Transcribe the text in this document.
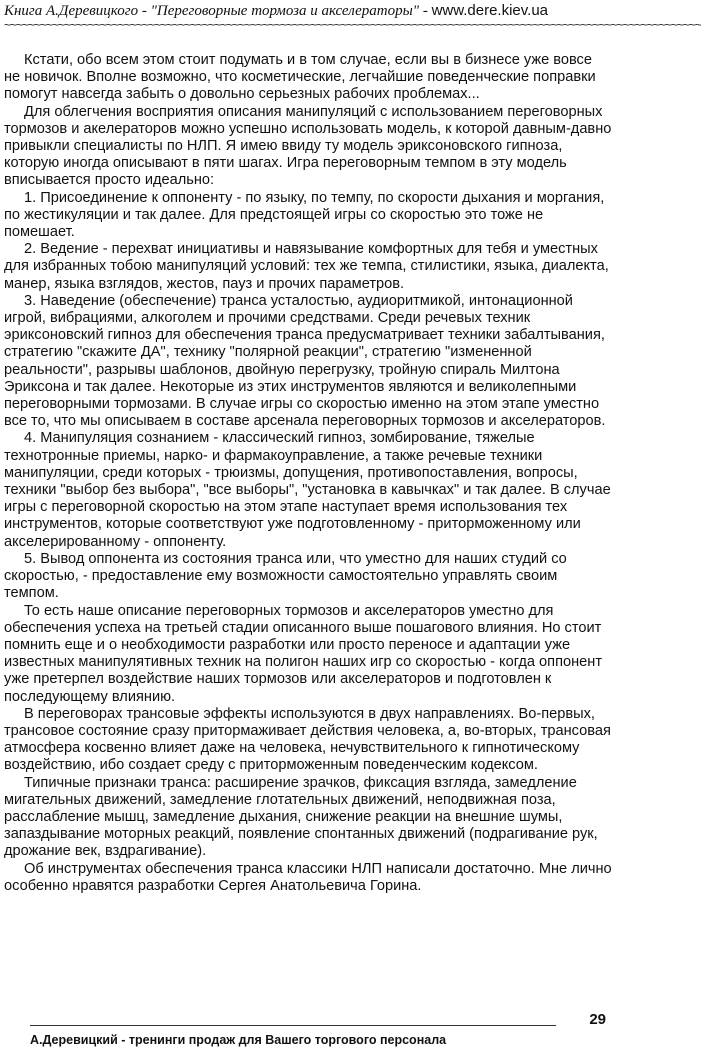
Книга А.Деревицкого - "Переговорные тормоза и акселераторы" - www.dere.kiev.ua
~~~~~~~~~~~~~~~~~~~~~~~~~~~~~~~~~~~~~~~~~~~~~~~~~~~~~~~~~~~~~~~~~~~~~~~~~~~~~~~~~~~~~~~~~~~~~~~~~~~~~~~~~~~~~~~~~~~~

Кстати, обо всем этом стоит подумать и в том случае, если вы в бизнесе уже вовсе не новичок. Вполне возможно, что косметические, легчайшие поведенческие поправки помогут навсегда забыть о довольно серьезных рабочих проблемах...

Для облегчения восприятия описания манипуляций с использованием переговорных тормозов и акелераторов можно успешно использовать модель, к которой давным-давно привыкли специалисты по НЛП. Я имею ввиду ту модель эриксоновского гипноза, которую иногда описывают в пяти шагах. Игра переговорным темпом в эту модель вписывается просто идеально:

1. Присоединение к оппоненту - по языку, по темпу, по скорости дыхания и моргания, по жестикуляции и так далее. Для предстоящей игры со скоростью это тоже не помешает.

2. Ведение - перехват инициативы и навязывание комфортных для тебя и уместных для избранных тобою манипуляций условий: тех же темпа, стилистики, языка, диалекта, манер, языка взглядов, жестов, пауз и прочих параметров.

3. Наведение (обеспечение) транса усталостью, аудиоритмикой, интонационной игрой, вибрациями, алкоголем и прочими средствами. Среди речевых техник эриксоновский гипноз для обеспечения транса предусматривает техники забалтывания, стратегию "скажите ДА", технику "полярной реакции", стратегию "измененной реальности", разрывы шаблонов, двойную перегрузку, тройную спираль Милтона Эриксона и так далее. Некоторые из этих инструментов являются и великолепными переговорными тормозами. В случае игры со скоростью именно на этом этапе уместно все то, что мы описываем в составе арсенала переговорных тормозов и акселераторов.

4. Манипуляция сознанием - классический гипноз, зомбирование, тяжелые технотронные приемы, нарко- и фармакоуправление, а также речевые техники манипуляции, среди которых - трюизмы, допущения, противопоставления, вопросы, техники "выбор без выбора", "все выборы", "установка в кавычках" и так далее. В случае игры с переговорной скоростью на этом этапе наступает время использования тех инструментов, которые соответствуют уже подготовленному - приторможенному или акселерированному - оппоненту.

5. Вывод оппонента из состояния транса или, что уместно для наших студий со скоростью, - предоставление ему возможности самостоятельно управлять своим темпом.

То есть наше описание переговорных тормозов и акселераторов уместно для обеспечения успеха на третьей стадии описанного выше пошагового влияния. Но стоит помнить еще и о необходимости разработки или просто переносе и адаптации уже известных манипулятивных техник на полигон наших игр со скоростью - когда оппонент уже претерпел воздействие наших тормозов или акселераторов и подготовлен к последующему влиянию.

В переговорах трансовые эффекты используются в двух направлениях. Во-первых, трансовое состояние сразу притормаживает действия человека, а, во-вторых, трансовая атмосфера косвенно влияет даже на человека, нечувствительного к гипнотическому воздействию, ибо создает среду с приторможенным поведенческим кодексом.

Типичные признаки транса: расширение зрачков, фиксация взгляда, замедление мигательных движений, замедление глотательных движений, неподвижная поза, расслабление мышц, замедление дыхания, снижение реакции на внешние шумы, запаздывание моторных реакций, появление спонтанных движений (подрагивание рук, дрожание век, вздрагивание).

Об инструментах обеспечения транса классики НЛП написали достаточно. Мне лично особенно нравятся разработки Сергея Анатольевича Горина.

29
А.Деревицкий - тренинги продаж для Вашего торгового персонала
